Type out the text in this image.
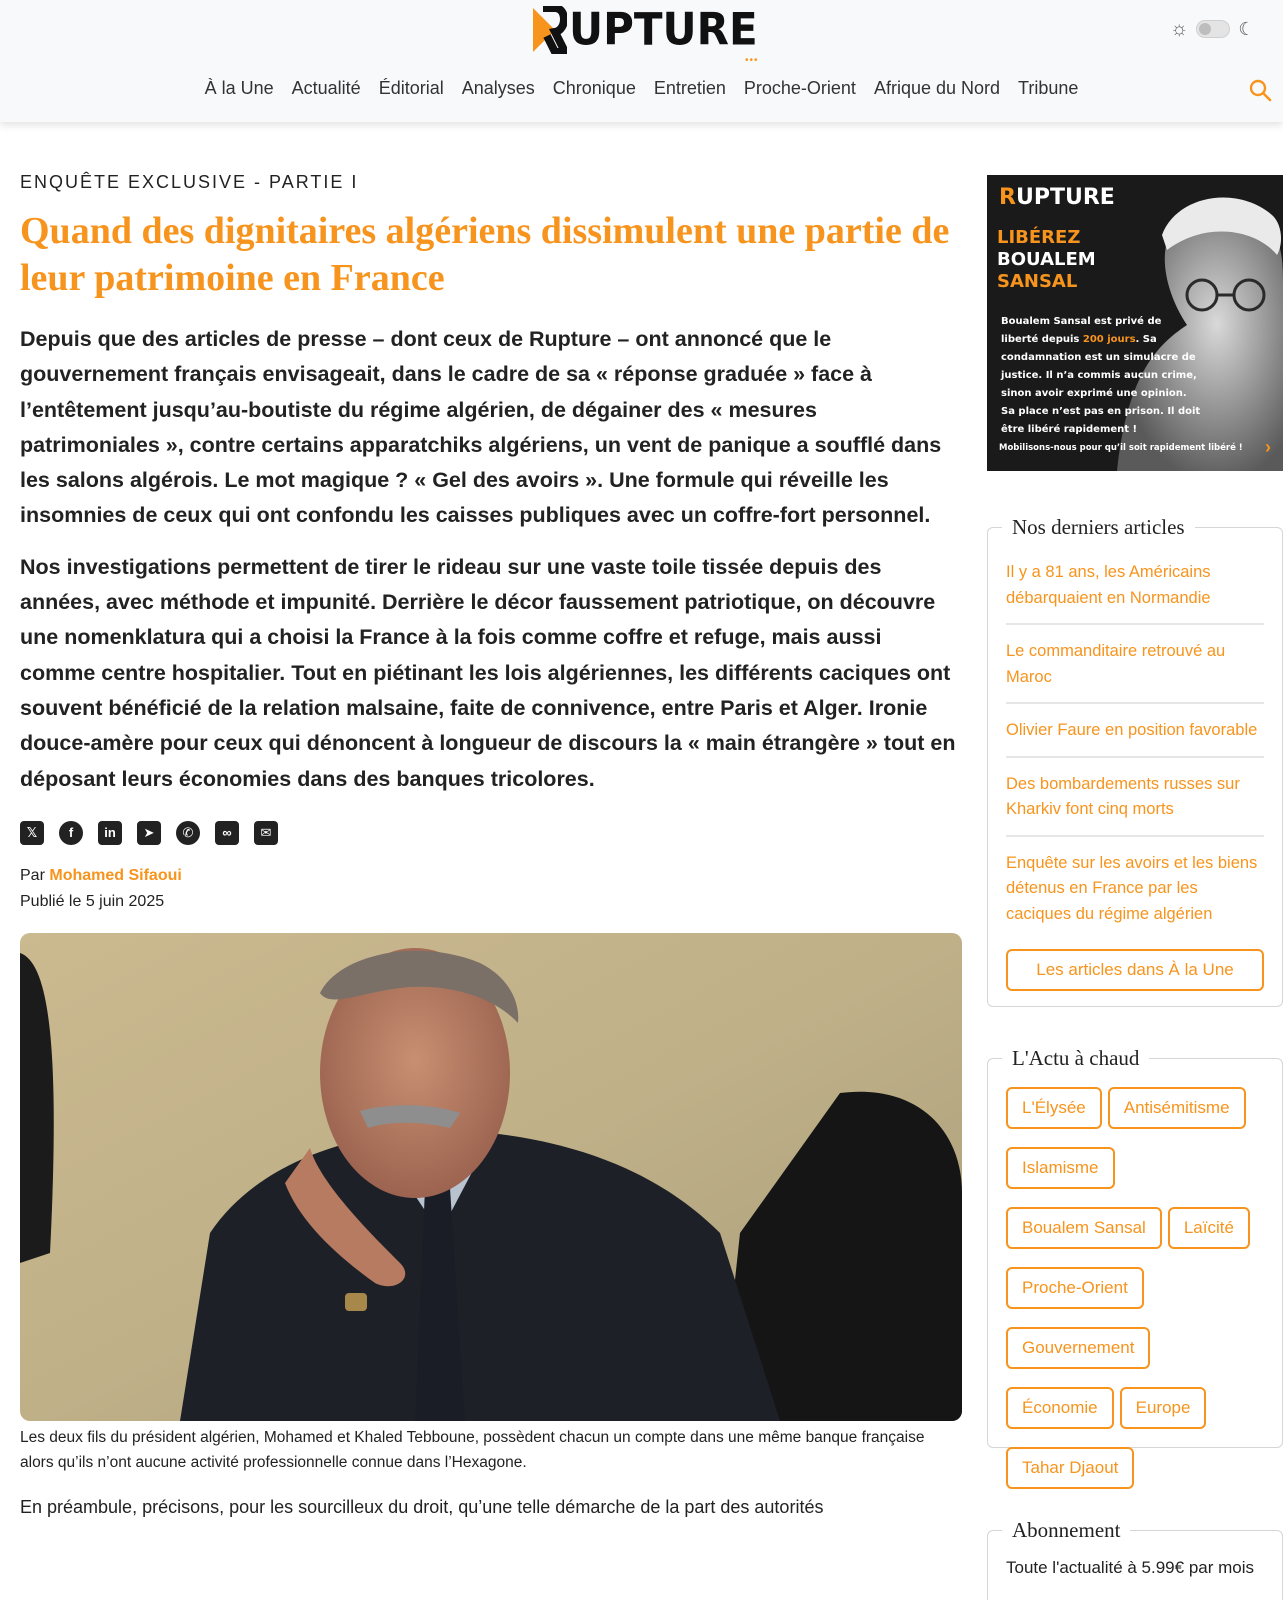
UPTURE
•••
☼	☾
À la Une Actualité Éditorial Analyses Chronique Entretien Proche-Orient Afrique du Nord Tribune
ENQUÊTE EXCLUSIVE - PARTIE I
Quand des dignitaires algériens dissimulent une partie de leur patrimoine en France

Depuis que des articles de presse – dont ceux de Rupture – ont annoncé que le gouvernement français envisageait, dans le cadre de sa « réponse graduée » face à l’entêtement jusqu’au-boutiste du régime algérien, de dégainer des « mesures patrimoniales », contre certains apparatchiks algériens, un vent de panique a soufflé dans les salons algérois. Le mot magique ? « Gel des avoirs ». Une formule qui réveille les insomnies de ceux qui ont confondu les caisses publiques avec un coffre-fort personnel.

Nos investigations permettent de tirer le rideau sur une vaste toile tissée depuis des années, avec méthode et impunité. Derrière le décor faussement patriotique, on découvre une nomenklatura qui a choisi la France à la fois comme coffre et refuge, mais aussi comme centre hospitalier. Tout en piétinant les lois algériennes, les différents caciques ont souvent bénéficié de la relation malsaine, faite de connivence, entre Paris et Alger. Ironie douce-amère pour ceux qui dénoncent à longueur de discours la « main étrangère » tout en déposant leurs économies dans des banques tricolores.

𝕏	f	in	➤	✆	∞	✉
Par Mohamed Sifaoui
Publié le 5 juin 2025

Les deux fils du président algérien, Mohamed et Khaled Tebboune, possèdent chacun un compte dans une même banque française alors qu’ils n’ont aucune activité professionnelle connue dans l’Hexagone.

En préambule, précisons, pour les sourcilleux du droit, qu’une telle démarche de la part des autorités

RUPTURE
LIBÉREZ
BOUALEM
SANSAL
Boualem Sansal est privé de liberté depuis 200 jours. Sa condamnation est un simulacre de justice. Il n’a commis aucun crime, sinon avoir exprimé une opinion. Sa place n’est pas en prison. Il doit être libéré rapidement !
Mobilisons-nous pour qu’il soit rapidement libéré ! ›
Nos derniers articles
Il y a 81 ans, les Américains débarquaient en Normandie
Le commanditaire retrouvé au Maroc
Olivier Faure en position favorable
Des bombardements russes sur Kharkiv font cinq morts
Enquête sur les avoirs et les biens détenus en France par les caciques du régime algérien
Les articles dans À la Une
L'Actu à chaud
L'Élysée	Antisémitisme
Islamisme
Boualem Sansal	Laïcité
Proche-Orient
Gouvernement
Économie	Europe
Tahar Djaout
Abonnement

Toute l'actualité à 5.99€ par mois
